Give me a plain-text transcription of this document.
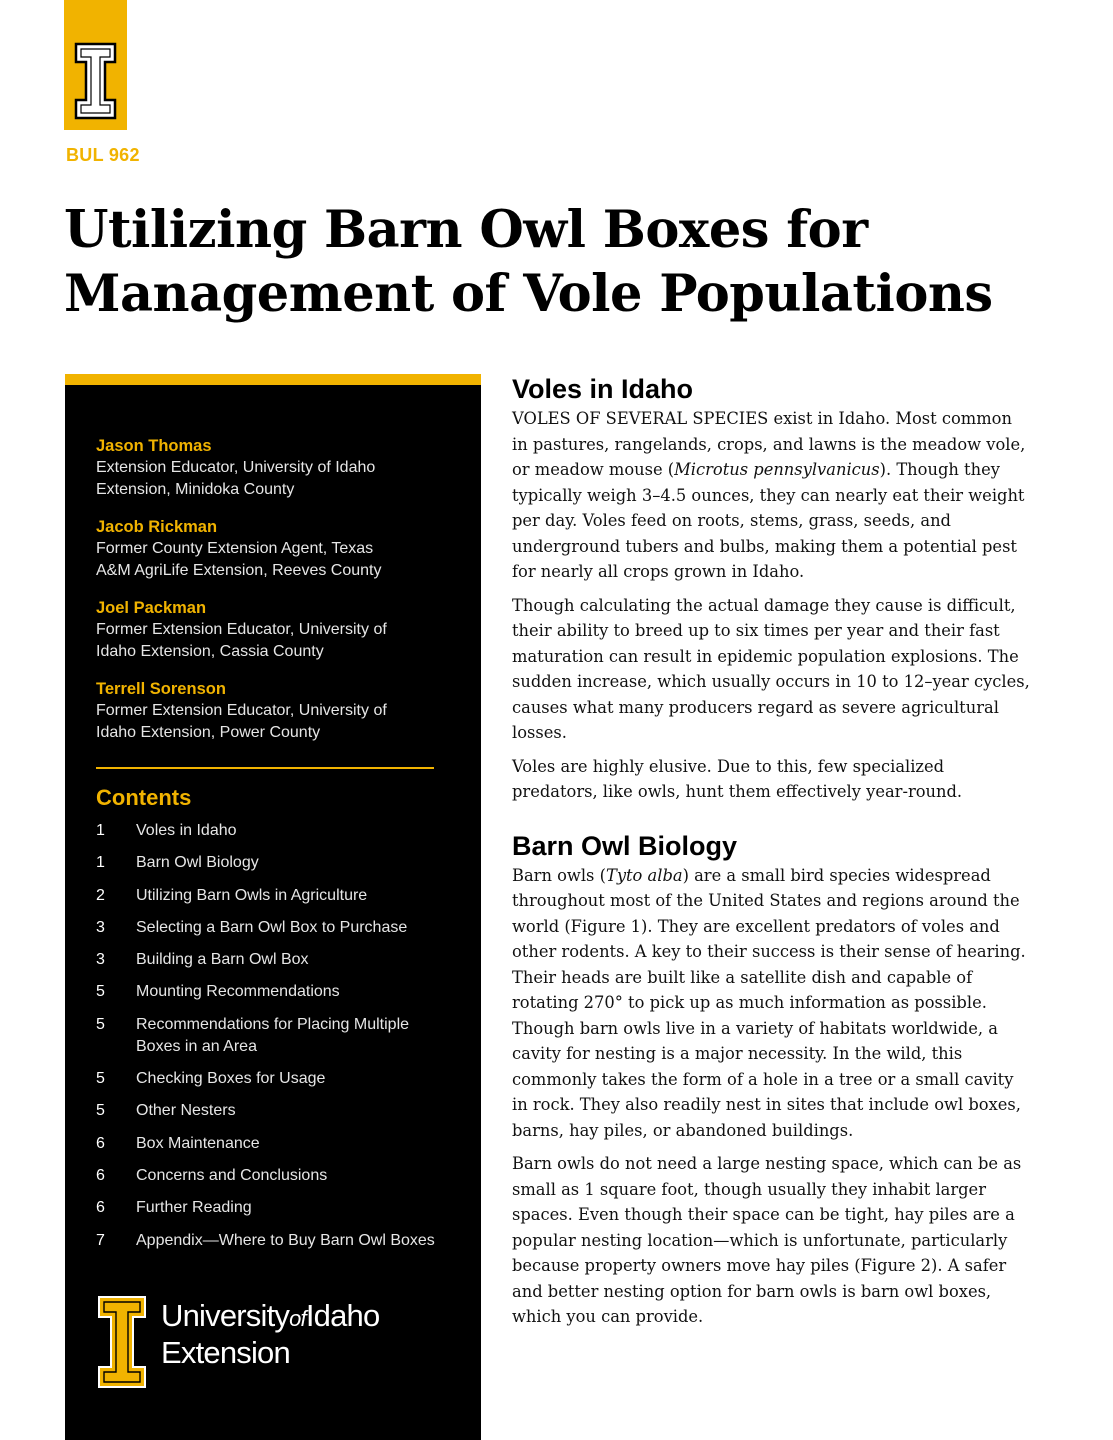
BUL 962
Utilizing Barn Owl Boxes for
Management of Vole Populations
Jason Thomas
Extension Educator, University of Idaho
Extension, Minidoka County
Jacob Rickman
Former County Extension Agent, Texas
A&M AgriLife Extension, Reeves County
Joel Packman
Former Extension Educator, University of
Idaho Extension, Cassia County
Terrell Sorenson
Former Extension Educator, University of
Idaho Extension, Power County
Contents
1	Voles in Idaho
1	Barn Owl Biology
2	Utilizing Barn Owls in Agriculture
3	Selecting a Barn Owl Box to Purchase
3	Building a Barn Owl Box
5	Mounting Recommendations
5	Recommendations for Placing Multiple Boxes in an Area
5	Checking Boxes for Usage
5	Other Nesters
6	Box Maintenance
6	Concerns and Conclusions
6	Further Reading
7	Appendix—Where to Buy Barn Owl Boxes
UniversityofIdaho
Extension
Voles in Idaho

VOLES OF SEVERAL SPECIES exist in Idaho. Most common in pastures, rangelands, crops, and lawns is the meadow vole, or meadow mouse (Microtus pennsylvanicus). Though they typically weigh 3–4.5 ounces, they can nearly eat their weight per day. Voles feed on roots, stems, grass, seeds, and underground tubers and bulbs, making them a potential pest for nearly all crops grown in Idaho.

Though calculating the actual damage they cause is difficult, their ability to breed up to six times per year and their fast maturation can result in epidemic population explosions. The sudden increase, which usually occurs in 10 to 12–year cycles, causes what many producers regard as severe agricultural losses.

Voles are highly elusive. Due to this, few specialized predators, like owls, hunt them effectively year-round.

Barn Owl Biology

Barn owls (Tyto alba) are a small bird species widespread throughout most of the United States and regions around the world (Figure 1). They are excellent predators of voles and other rodents. A key to their success is their sense of hearing. Their heads are built like a satellite dish and capable of rotating 270° to pick up as much information as possible. Though barn owls live in a variety of habitats worldwide, a cavity for nesting is a major necessity. In the wild, this commonly takes the form of a hole in a tree or a small cavity in rock. They also readily nest in sites that include owl boxes, barns, hay piles, or abandoned buildings.

Barn owls do not need a large nesting space, which can be as small as 1 square foot, though usually they inhabit larger spaces. Even though their space can be tight, hay piles are a popular nesting location—which is unfortunate, particularly because property owners move hay piles (Figure 2). A safer and better nesting option for barn owls is barn owl boxes, which you can provide.
